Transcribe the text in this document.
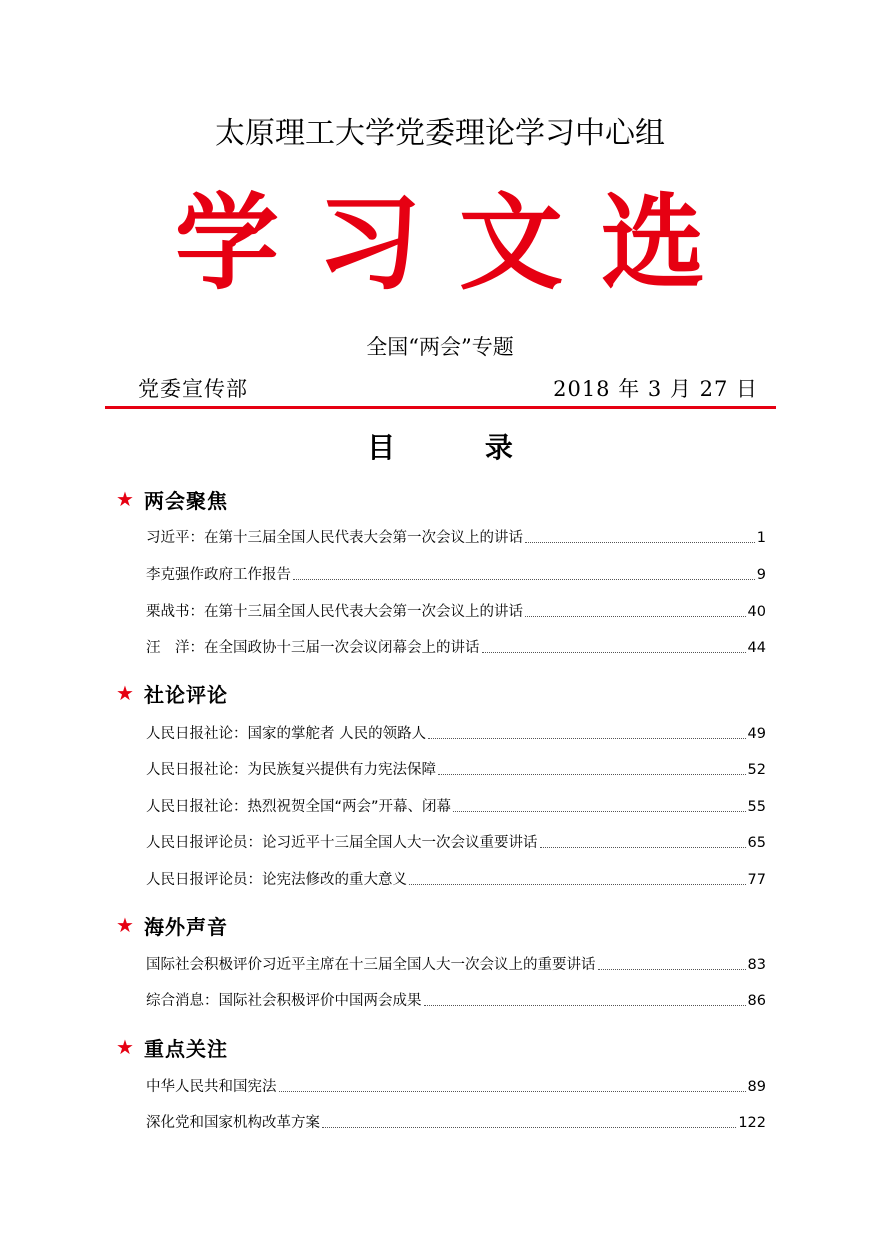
太原理工大学党委理论学习中心组
学习文选
全国“两会”专题
党委宣传部	2018 年 3 月 27 日
目 录
★ 两会聚焦
习近平：在第十三届全国人民代表大会第一次会议上的讲话	1
李克强作政府工作报告	9
栗战书：在第十三届全国人民代表大会第一次会议上的讲话	40
汪　洋：在全国政协十三届一次会议闭幕会上的讲话	44
★ 社论评论
人民日报社论：国家的掌舵者 人民的领路人	49
人民日报社论：为民族复兴提供有力宪法保障	52
人民日报社论：热烈祝贺全国“两会”开幕、闭幕	55
人民日报评论员：论习近平十三届全国人大一次会议重要讲话	65
人民日报评论员：论宪法修改的重大意义	77
★ 海外声音
国际社会积极评价习近平主席在十三届全国人大一次会议上的重要讲话	83
综合消息：国际社会积极评价中国两会成果	86
★ 重点关注
中华人民共和国宪法	89
深化党和国家机构改革方案	122
